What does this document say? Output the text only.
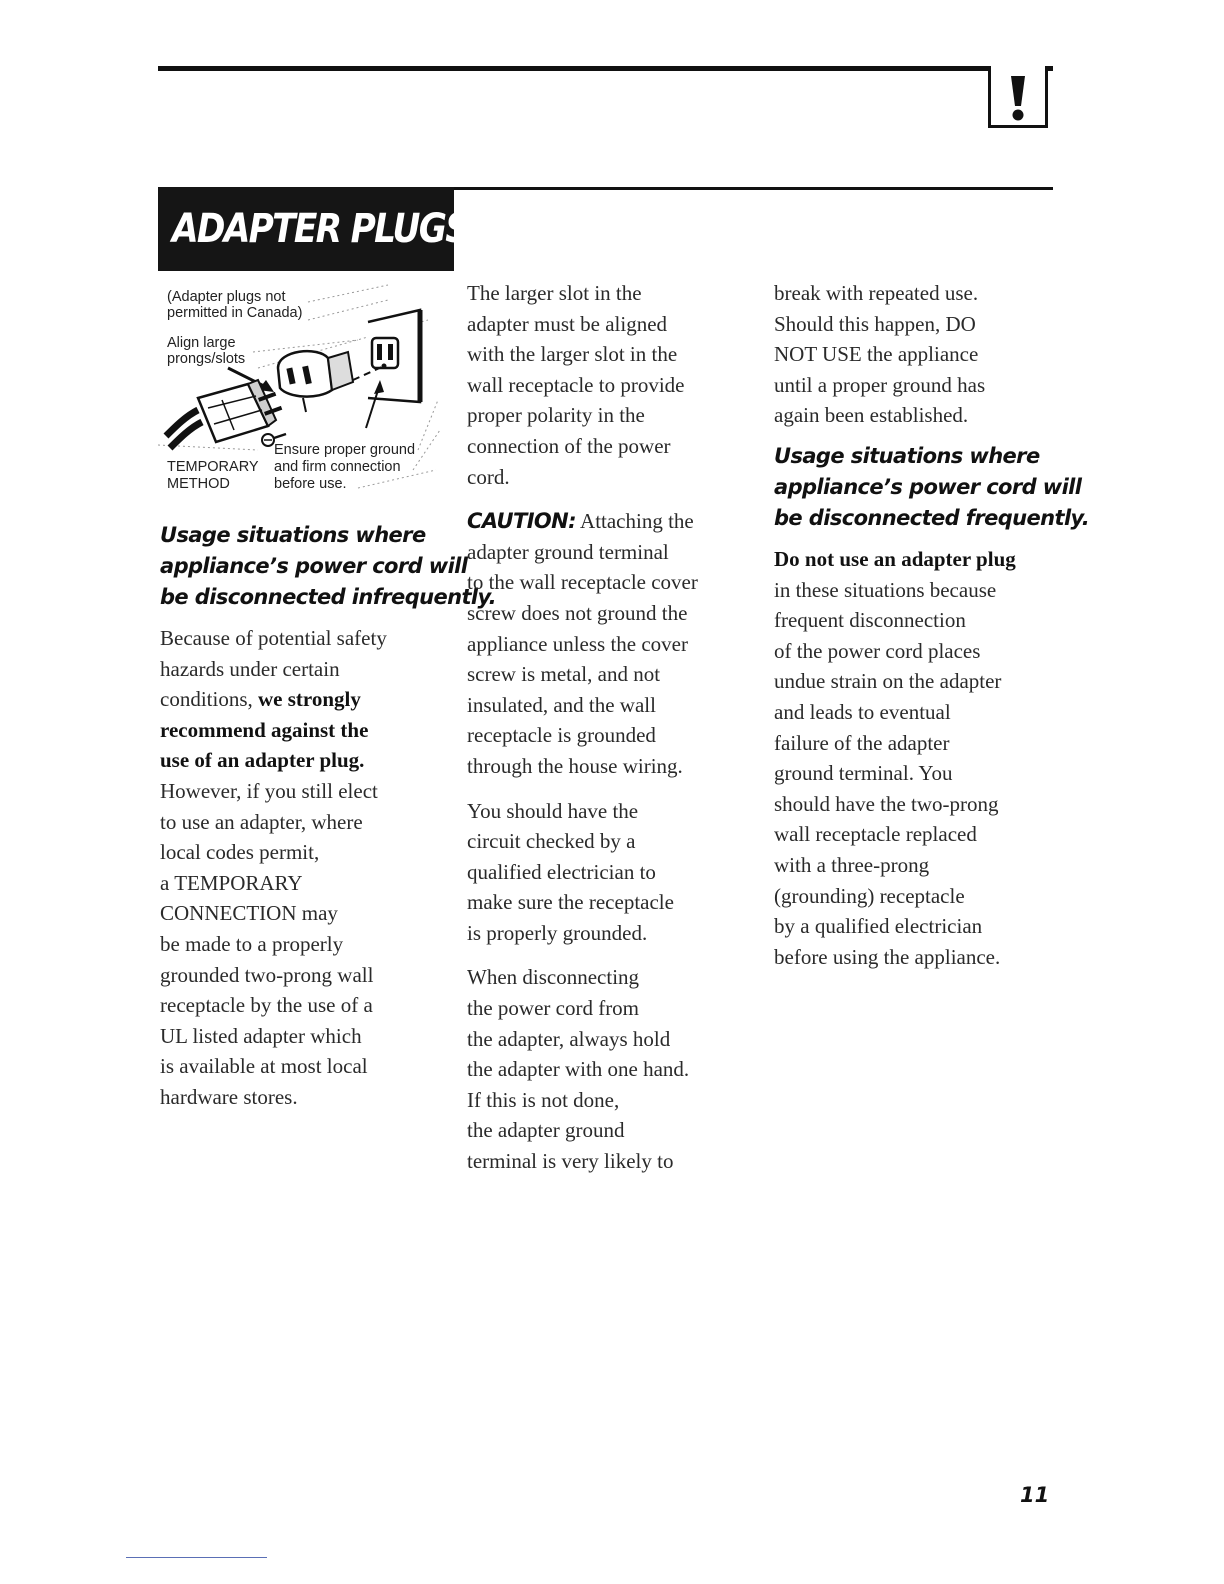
ADAPTER PLUGS
(Adapter plugs not
permitted in Canada)
Align large
prongs/slots
Ensure proper ground
and firm connection
before use.
TEMPORARY
METHOD
Usage situations where
appliance’s power cord will
be disconnected infrequently.

Because of potential safety
hazards under certain
conditions, we strongly
recommend against the
use of an adapter plug.
However, if you still elect
to use an adapter, where
local codes permit,
a TEMPORARY
CONNECTION may
be made to a properly
grounded two-prong wall
receptacle by the use of a
UL listed adapter which
is available at most local
hardware stores.

The larger slot in the
adapter must be aligned
with the larger slot in the
wall receptacle to provide
proper polarity in the
connection of the power
cord.

CAUTION: Attaching the
adapter ground terminal
to the wall receptacle cover
screw does not ground the
appliance unless the cover
screw is metal, and not
insulated, and the wall
receptacle is grounded
through the house wiring.

You should have the
circuit checked by a
qualified electrician to
make sure the receptacle
is properly grounded.

When disconnecting
the power cord from
the adapter, always hold
the adapter with one hand.
If this is not done,
the adapter ground
terminal is very likely to

break with repeated use.
Should this happen, DO
NOT USE the appliance
until a proper ground has
again been established.

Usage situations where
appliance’s power cord will
be disconnected frequently.

Do not use an adapter plug
in these situations because
frequent disconnection
of the power cord places
undue strain on the adapter
and leads to eventual
failure of the adapter
ground terminal. You
should have the two-prong
wall receptacle replaced
with a three-prong
(grounding) receptacle
by a qualified electrician
before using the appliance.

11
